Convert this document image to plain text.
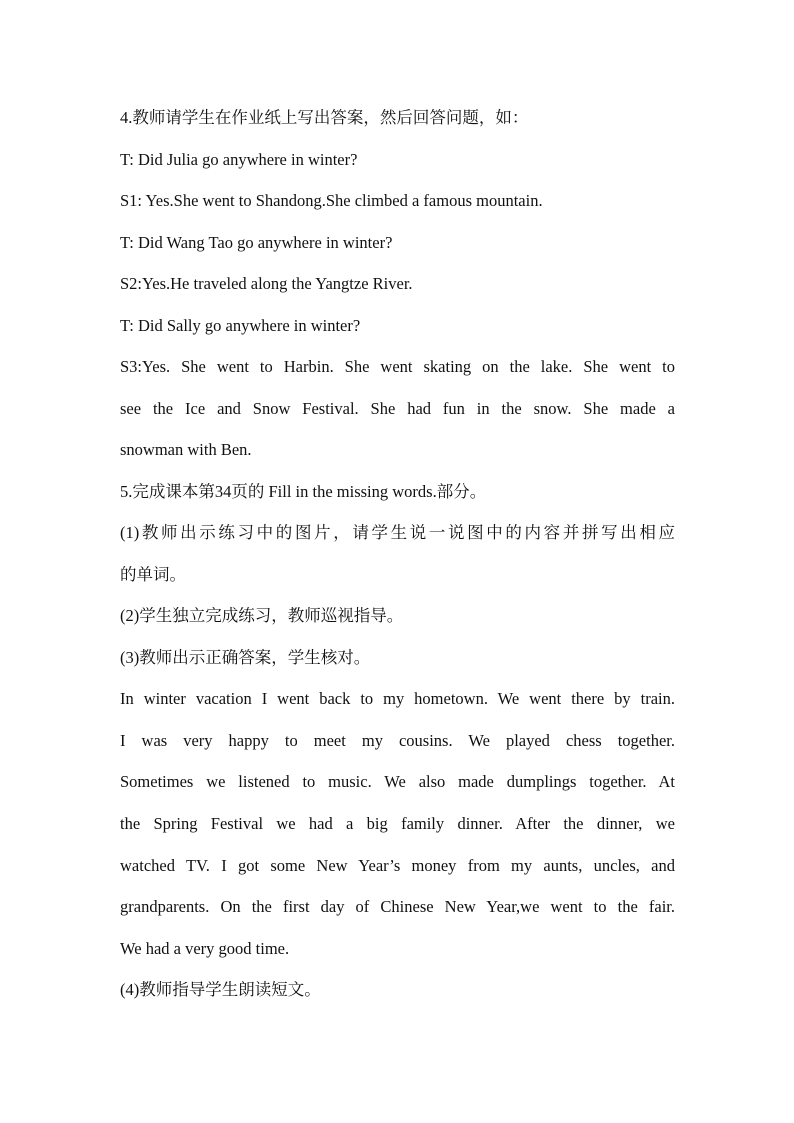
4.教师请学生在作业纸上写出答案，然后回答问题，如：
T: Did Julia go anywhere in winter?
S1: Yes.She went to Shandong.She climbed a famous mountain.
T: Did Wang Tao go anywhere in winter?
S2:Yes.He traveled along the Yangtze River.
T: Did Sally go anywhere in winter?
S3:Yes. She went to Harbin. She went skating on the lake. She went to
see the Ice and Snow Festival. She had fun in the snow. She made a
snowman with Ben.
5.完成课本第34页的 Fill in the missing words.部分。
(1)教师出示练习中的图片，请学生说一说图中的内容并拼写出相应
的单词。
(2)学生独立完成练习，教师巡视指导。
(3)教师出示正确答案，学生核对。
In winter vacation I went back to my hometown. We went there by train.
I was very happy to meet my cousins. We played chess together.
Sometimes we listened to music. We also made dumplings together. At
the Spring Festival we had a big family dinner. After the dinner, we
watched TV. I got some New Year’s money from my aunts, uncles, and
grandparents. On the first day of Chinese New Year,we went to the fair.
We had a very good time.
(4)教师指导学生朗读短文。
